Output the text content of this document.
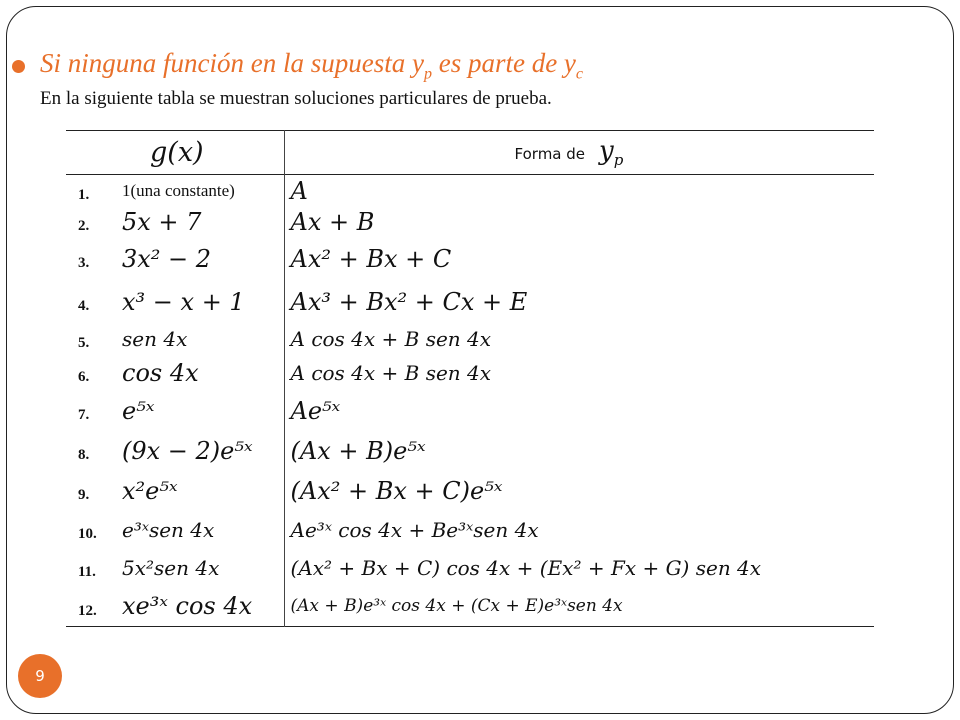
Si ninguna función en la supuesta $y_p$ es parte de $y_c$

En la siguiente tabla se muestran soluciones particulares de prueba.

g(x)		Forma de $y_p$
1.	1(una constante)	A
2.	5x + 7	Ax + B
3.	3x² − 2	Ax² + Bx + C
4.	x³ − x + 1	Ax³ + Bx² + Cx + E
5.	sen 4x	A cos 4x + B sen 4x
6.	cos 4x	A cos 4x + B sen 4x
7.	e⁵ˣ	Ae⁵ˣ
8.	(9x − 2)e⁵ˣ	(Ax + B)e⁵ˣ
9.	x²e⁵ˣ	(Ax² + Bx + C)e⁵ˣ
10.	e³ˣsen 4x	Ae³ˣ cos 4x + Be³ˣsen 4x
11.	5x²sen 4x	(Ax² + Bx + C) cos 4x + (Ex² + Fx + G) sen 4x
12.	xe³ˣ cos 4x	(Ax + B)e³ˣ cos 4x + (Cx + E)e³ˣsen 4x
9
